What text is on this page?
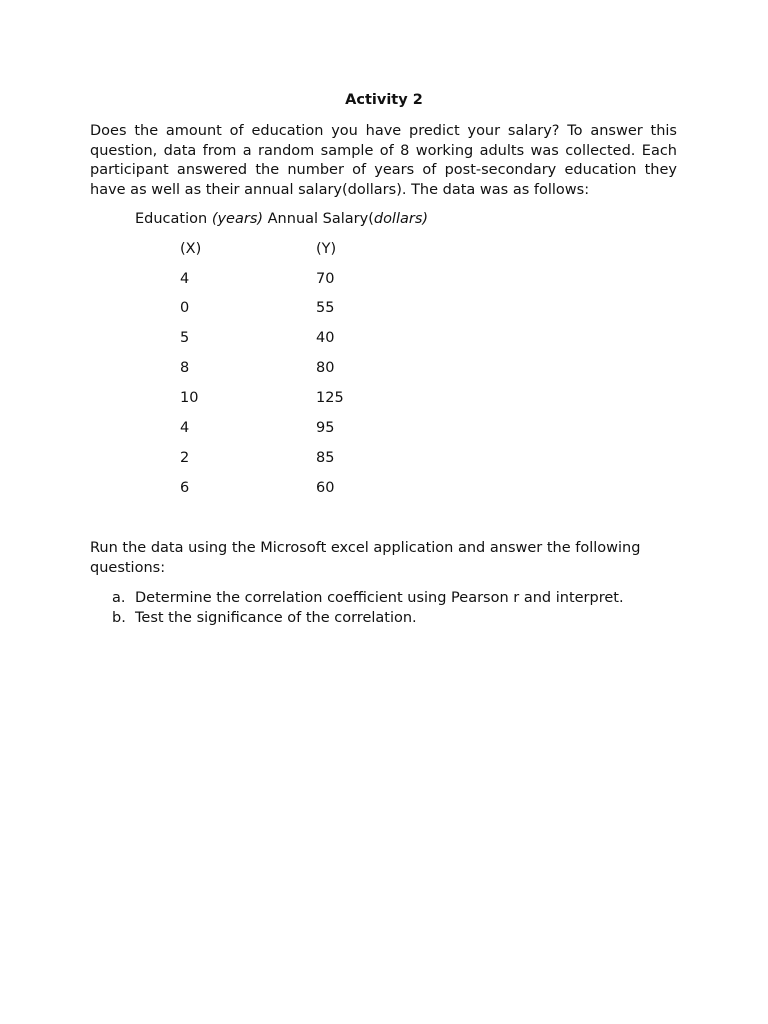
Activity 2

Does the amount of education you have predict your salary? To answer this question, data from a random sample of 8 working adults was collected. Each participant answered the number of years of post-secondary education they have as well as their annual salary(dollars). The data was as follows:

Education (years) Annual Salary(dollars)
(X)	(Y)
4	70
0	55
5	40
8	80
10	125
4	95
2	85
6	60

Run the data using the Microsoft excel application and answer the following questions:

a. Determine the correlation coefficient using Pearson r and interpret.
b. Test the significance of the correlation.
